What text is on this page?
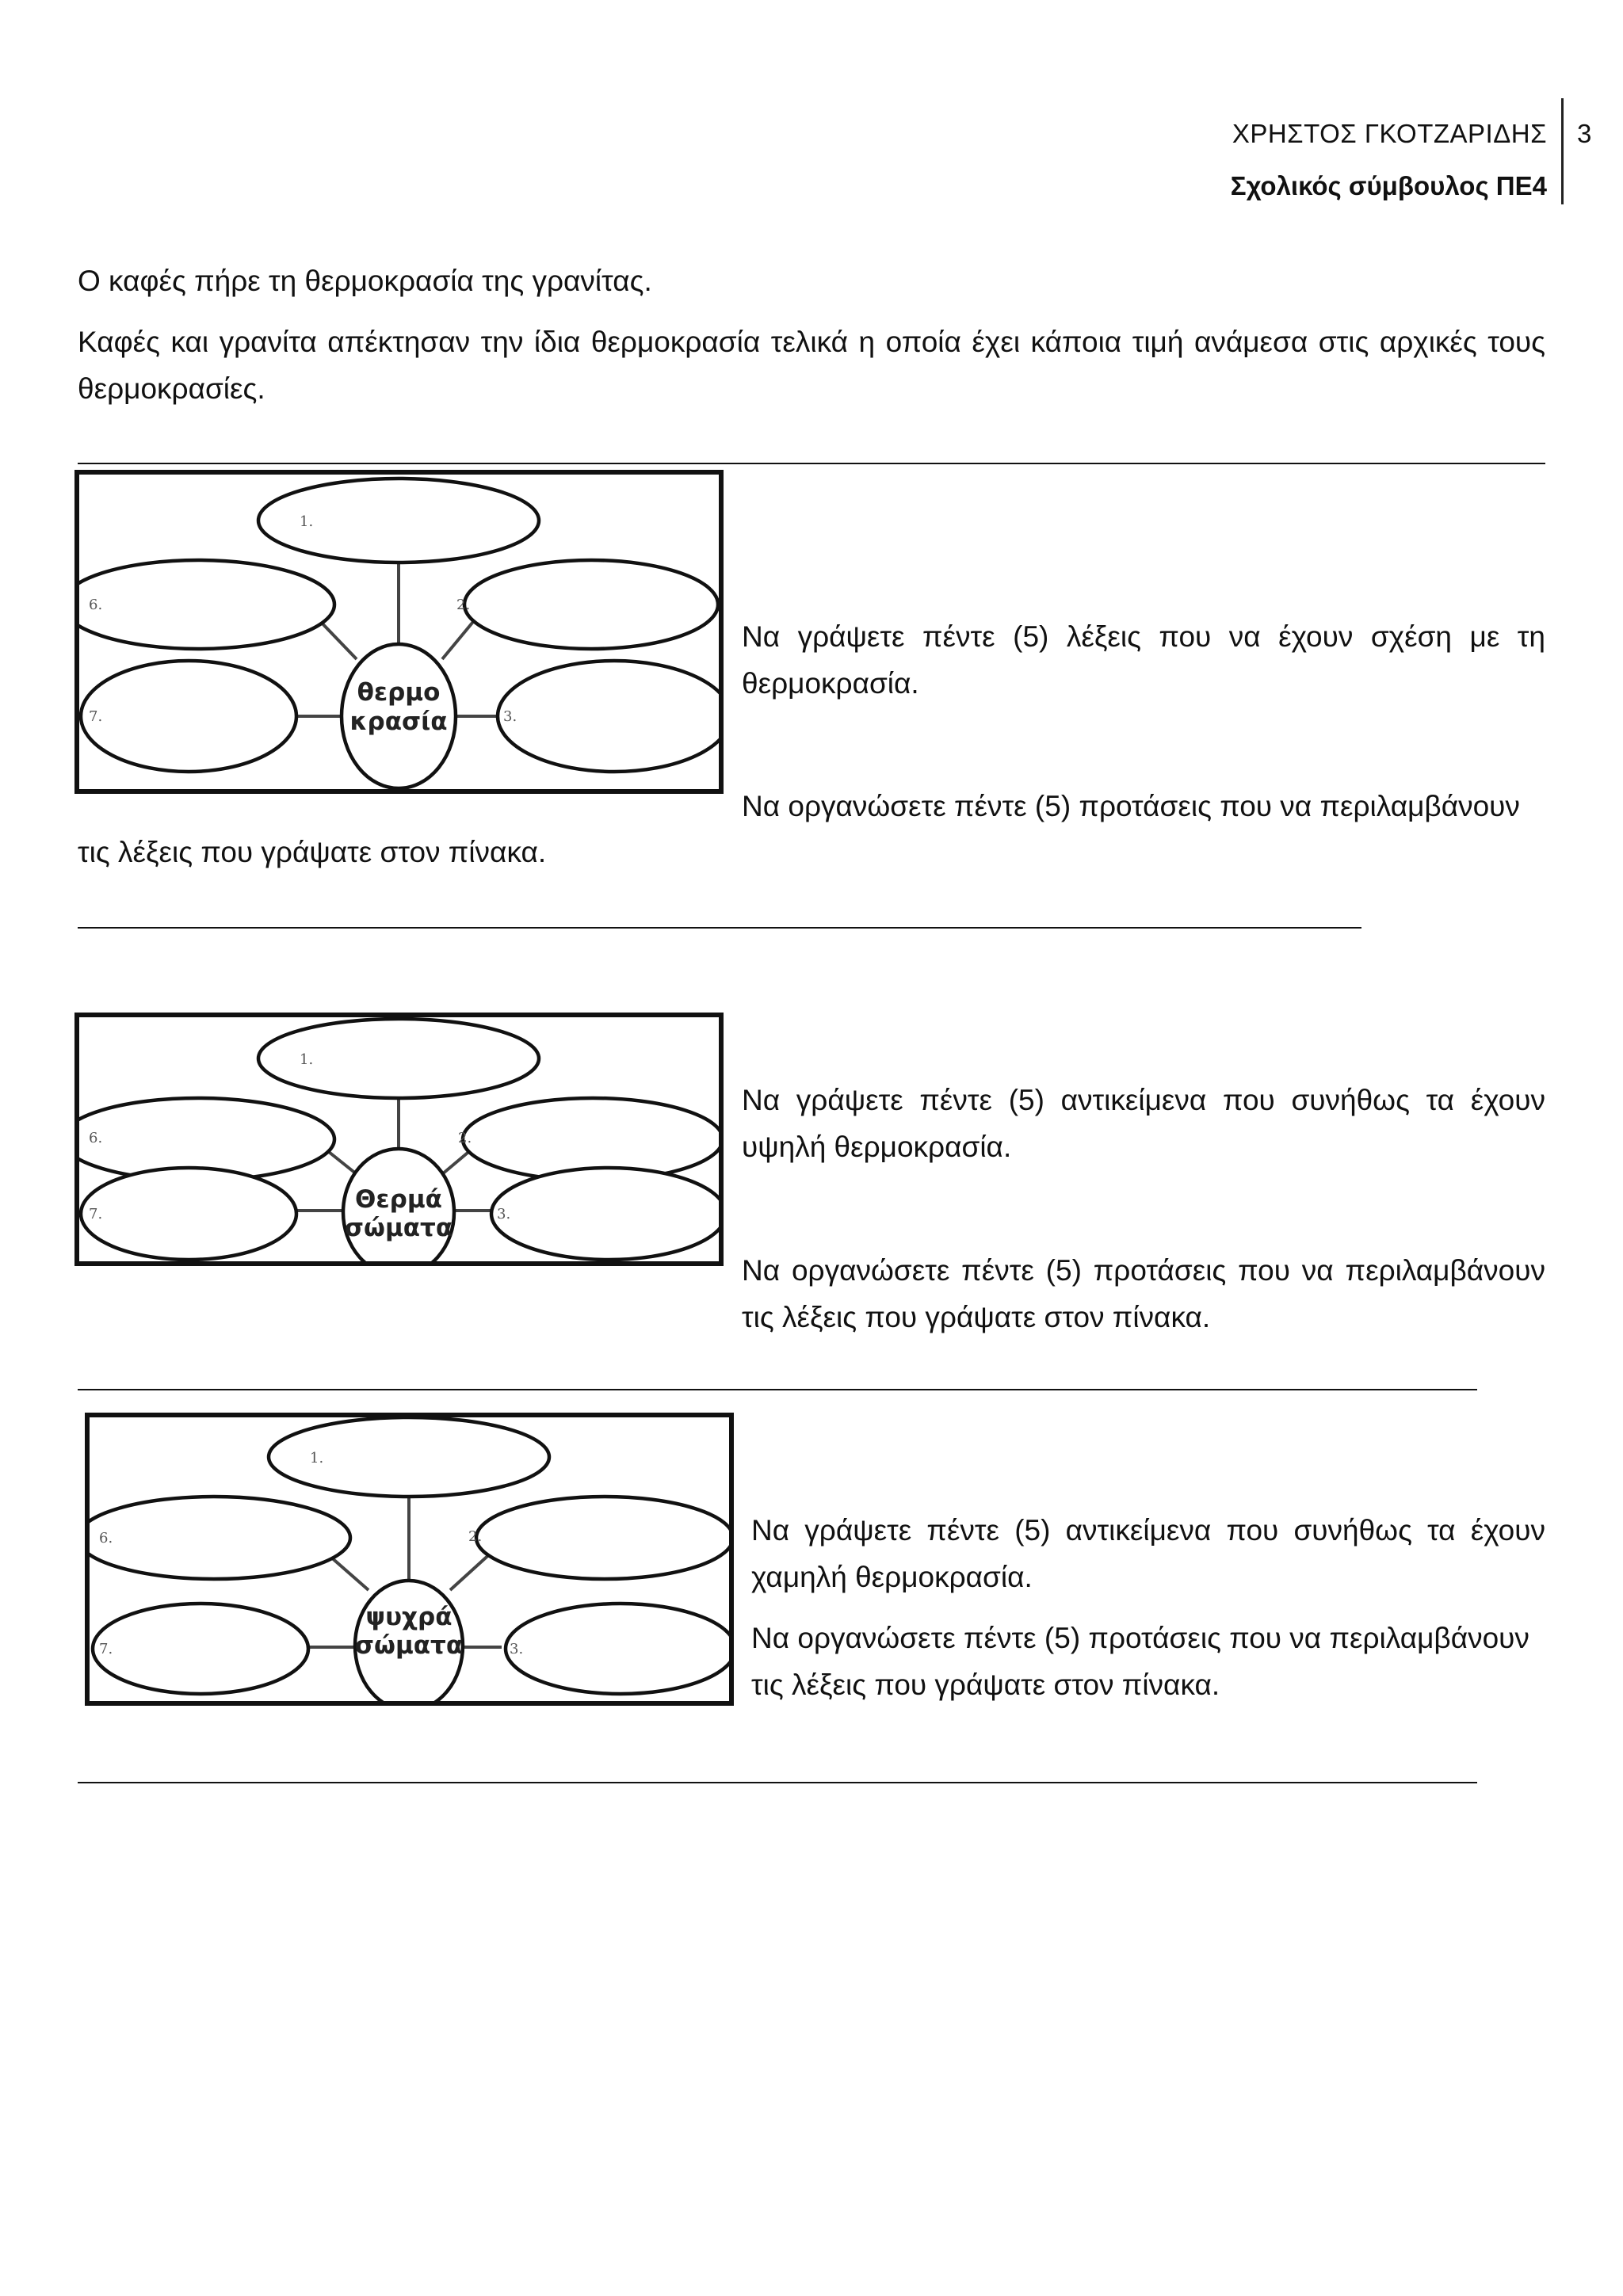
ΧΡΗΣΤΟΣ ΓΚΟΤΖΑΡΙΔΗΣ
Σχολικός σύμβουλος ΠΕ4
3
Ο καφές πήρε τη θερμοκρασία της γρανίτας.
Καφές και γρανίτα απέκτησαν την ίδια θερμοκρασία τελικά η οποία έχει κάποια τιμή ανάμεσα στις αρχικές τους θερμοκρασίες.
1.
2.
3.
6.
7.
θερμο
κρασία
Να γράψετε πέντε (5) λέξεις που να έχουν σχέση με τη θερμοκρασία.
Να οργανώσετε πέντε (5) προτάσεις που να περιλαμβάνουν
τις λέξεις που γράψατε στον πίνακα.
1.
2.
3.
6.
7.
Θερμά
σώματα
Να γράψετε πέντε (5) αντικείμενα που συνήθως τα έχουν υψηλή θερμοκρασία.
Να οργανώσετε πέντε (5) προτάσεις που να περιλαμβάνουν τις λέξεις που γράψατε στον πίνακα.
1.
2.
3.
6.
7.
ψυχρά
σώματα
Να γράψετε πέντε (5) αντικείμενα που συνήθως τα έχουν χαμηλή θερμοκρασία.
Να οργανώσετε πέντε (5) προτάσεις που να περιλαμβάνουν τις λέξεις που γράψατε στον πίνακα.
